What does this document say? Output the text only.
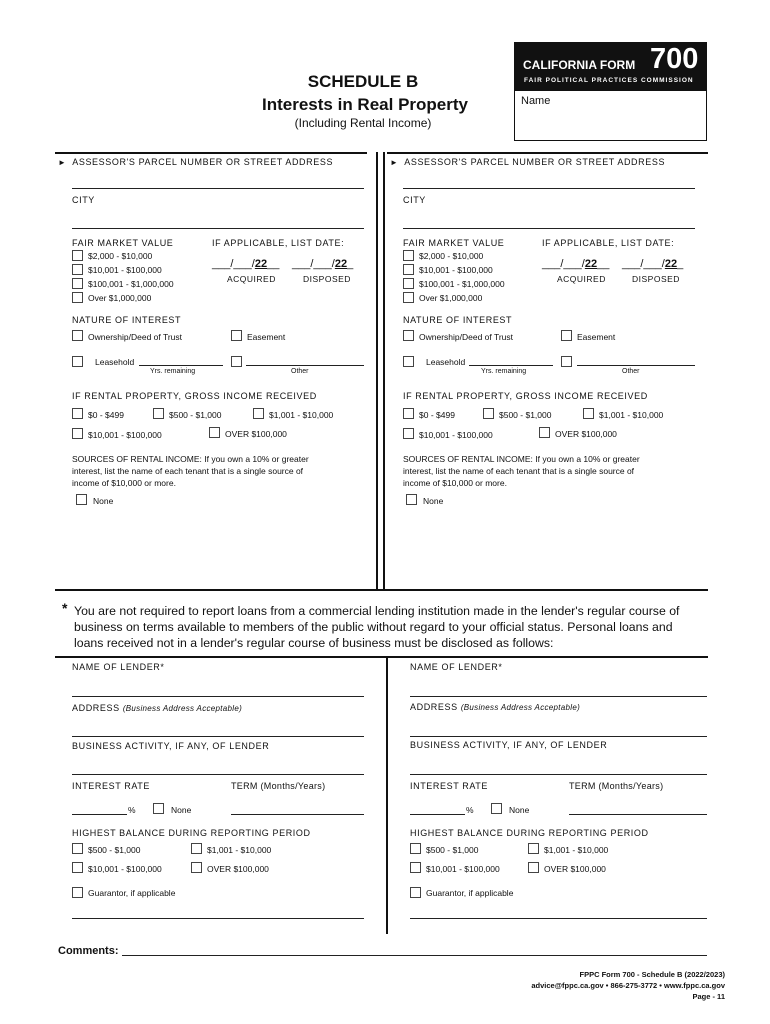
SCHEDULE B
Interests in Real Property
(Including Rental Income)
CALIFORNIA FORM 700
FAIR POLITICAL PRACTICES COMMISSION
Name
► ASSESSOR'S PARCEL NUMBER OR STREET ADDRESS
CITY
FAIR MARKET VALUE	IF APPLICABLE, LIST DATE:
$2,000 - $10,000
$10,001 - $100,000
$100,001 - $1,000,000
Over $1,000,000
___/___/22__ ___/___/22_
ACQUIRED	DISPOSED
NATURE OF INTEREST
Ownership/Deed of Trust	Easement
Leasehold
Yrs. remaining	Other
IF RENTAL PROPERTY, GROSS INCOME RECEIVED
$0 - $499	$500 - $1,000	$1,001 - $10,000
$10,001 - $100,000	OVER $100,000
SOURCES OF RENTAL INCOME: If you own a 10% or greater
interest, list the name of each tenant that is a single source of
income of $10,000 or more.
None
► ASSESSOR'S PARCEL NUMBER OR STREET ADDRESS
CITY
FAIR MARKET VALUE	IF APPLICABLE, LIST DATE:
$2,000 - $10,000
$10,001 - $100,000
$100,001 - $1,000,000
Over $1,000,000
___/___/22__ ___/___/22_
ACQUIRED	DISPOSED
NATURE OF INTEREST
Ownership/Deed of Trust	Easement
Leasehold
Yrs. remaining	Other
IF RENTAL PROPERTY, GROSS INCOME RECEIVED
$0 - $499	$500 - $1,000	$1,001 - $10,000
$10,001 - $100,000	OVER $100,000
SOURCES OF RENTAL INCOME: If you own a 10% or greater
interest, list the name of each tenant that is a single source of
income of $10,000 or more.
None
* You are not required to report loans from a commercial lending institution made in the lender's regular course of
business on terms available to members of the public without regard to your official status. Personal loans and
loans received not in a lender's regular course of business must be disclosed as follows:
NAME OF LENDER*
ADDRESS (Business Address Acceptable)
BUSINESS ACTIVITY, IF ANY, OF LENDER
INTEREST RATE	TERM (Months/Years)
%	None
HIGHEST BALANCE DURING REPORTING PERIOD
$500 - $1,000	$1,001 - $10,000
$10,001 - $100,000	OVER $100,000
Guarantor, if applicable
NAME OF LENDER*
ADDRESS (Business Address Acceptable)
BUSINESS ACTIVITY, IF ANY, OF LENDER
INTEREST RATE	TERM (Months/Years)
%	None
HIGHEST BALANCE DURING REPORTING PERIOD
$500 - $1,000	$1,001 - $10,000
$10,001 - $100,000	OVER $100,000
Guarantor, if applicable
Comments:
FPPC Form 700 - Schedule B (2022/2023)
advice@fppc.ca.gov • 866-275-3772 • www.fppc.ca.gov
Page - 11
